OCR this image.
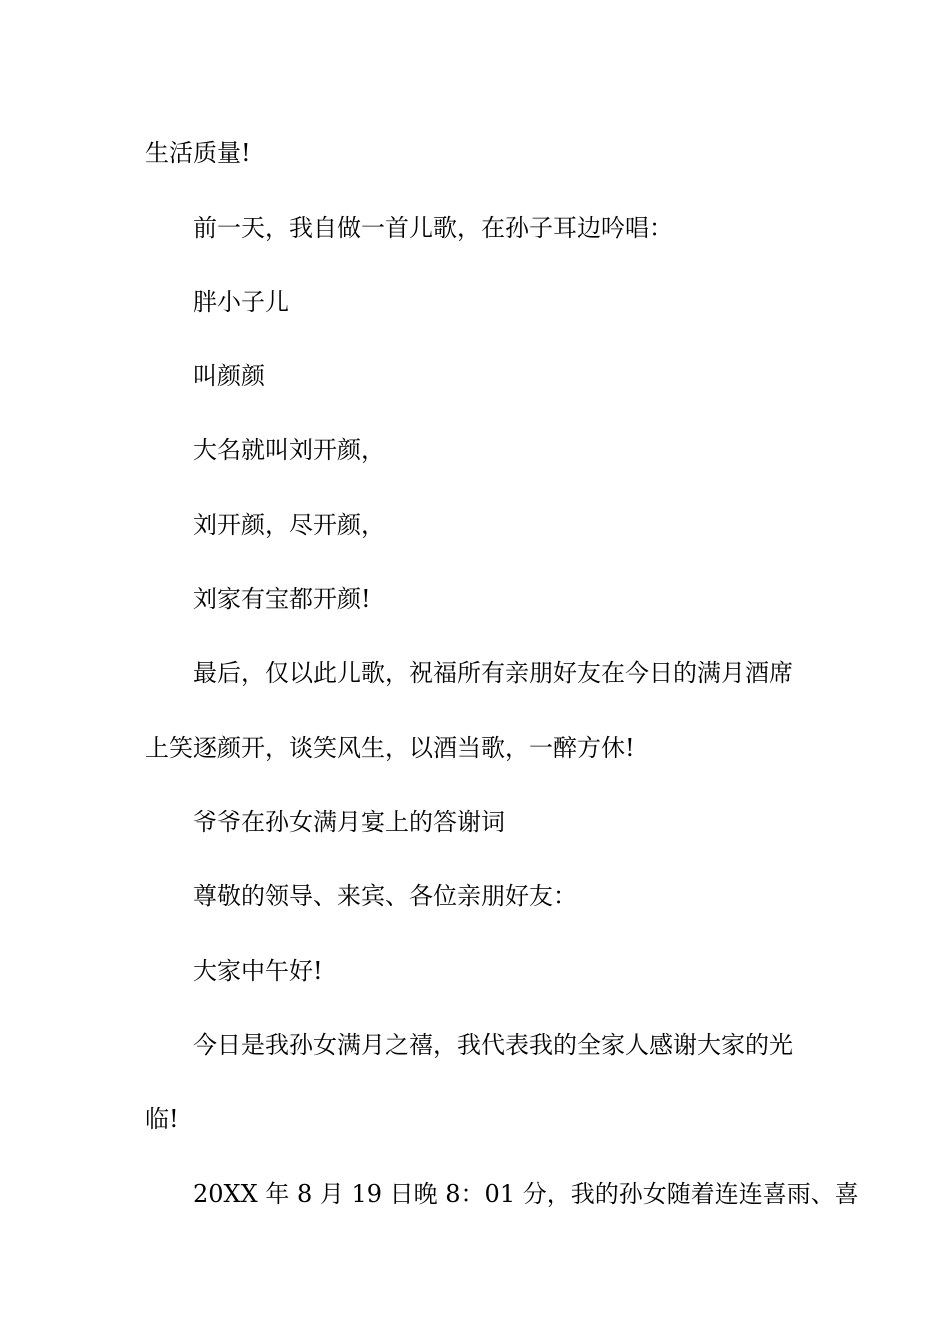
生活质量!
前一天，我自做一首儿歌，在孙子耳边吟唱：
胖小子儿
叫颜颜
大名就叫刘开颜，
刘开颜，尽开颜，
刘家有宝都开颜!
最后，仅以此儿歌，祝福所有亲朋好友在今日的满月酒席
上笑逐颜开，谈笑风生，以酒当歌，一醉方休!
爷爷在孙女满月宴上的答谢词
尊敬的领导、来宾、各位亲朋好友：
大家中午好!
今日是我孙女满月之禧，我代表我的全家人感谢大家的光
临!
20XX 年 8 月 19 日晚 8：01 分，我的孙女随着连连喜雨、喜
